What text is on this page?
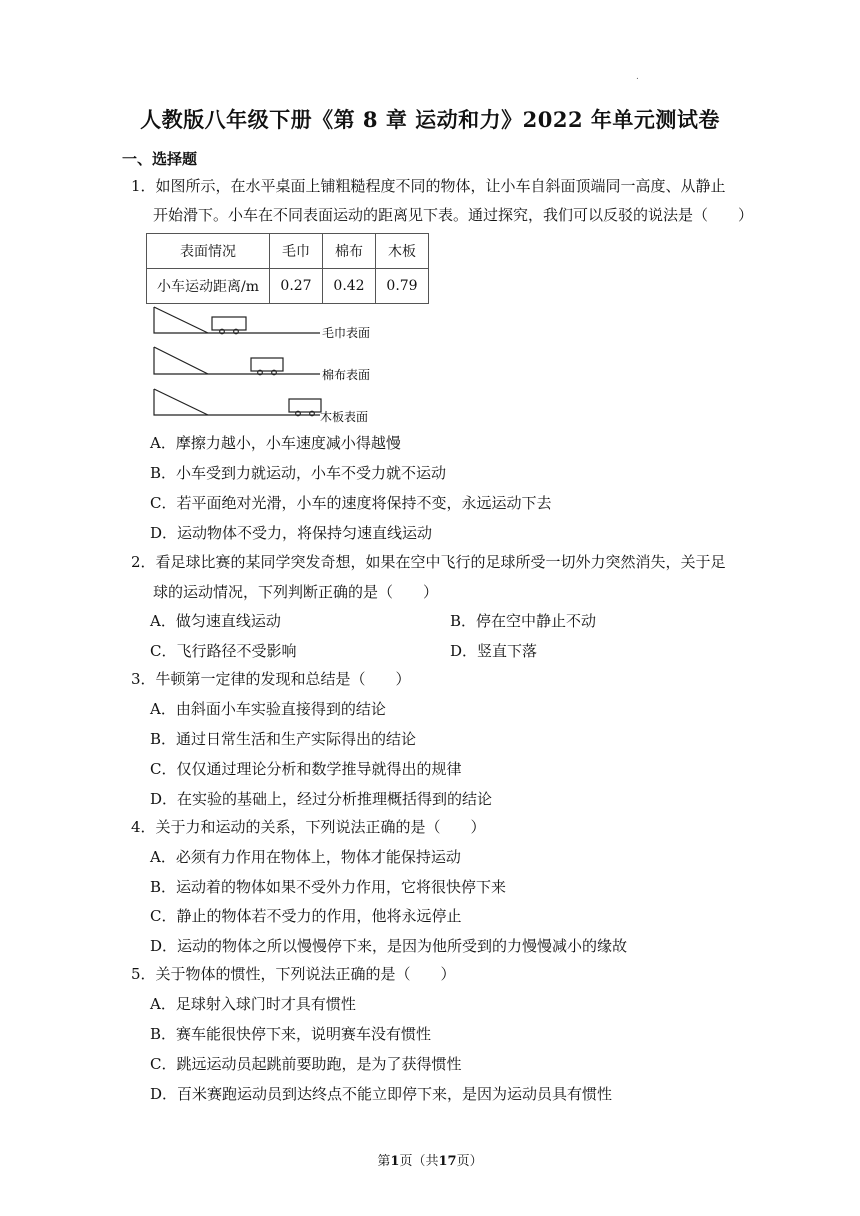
.
人教版八年级下册《第 8 章 运动和力》2022 年单元测试卷
一、选择题
1．如图所示，在水平桌面上铺粗糙程度不同的物体，让小车自斜面顶端同一高度、从静止
开始滑下。小车在不同表面运动的距离见下表。通过探究，我们可以反驳的说法是（　　）
表面情况	毛巾	棉布	木板
小车运动距离/m	0.27	0.42	0.79
毛巾表面
棉布表面
木板表面
A．摩擦力越小，小车速度减小得越慢
B．小车受到力就运动，小车不受力就不运动
C．若平面绝对光滑，小车的速度将保持不变，永远运动下去
D．运动物体不受力，将保持匀速直线运动
2．看足球比赛的某同学突发奇想，如果在空中飞行的足球所受一切外力突然消失，关于足
球的运动情况，下列判断正确的是（　　）
A．做匀速直线运动	B．停在空中静止不动
C．飞行路径不受影响	D．竖直下落
3．牛顿第一定律的发现和总结是（　　）
A．由斜面小车实验直接得到的结论
B．通过日常生活和生产实际得出的结论
C．仅仅通过理论分析和数学推导就得出的规律
D．在实验的基础上，经过分析推理概括得到的结论
4．关于力和运动的关系，下列说法正确的是（　　）
A．必须有力作用在物体上，物体才能保持运动
B．运动着的物体如果不受外力作用，它将很快停下来
C．静止的物体若不受力的作用，他将永远停止
D．运动的物体之所以慢慢停下来，是因为他所受到的力慢慢减小的缘故
5．关于物体的惯性，下列说法正确的是（　　）
A．足球射入球门时才具有惯性
B．赛车能很快停下来，说明赛车没有惯性
C．跳远运动员起跳前要助跑，是为了获得惯性
D．百米赛跑运动员到达终点不能立即停下来，是因为运动员具有惯性
第1页（共17页）
